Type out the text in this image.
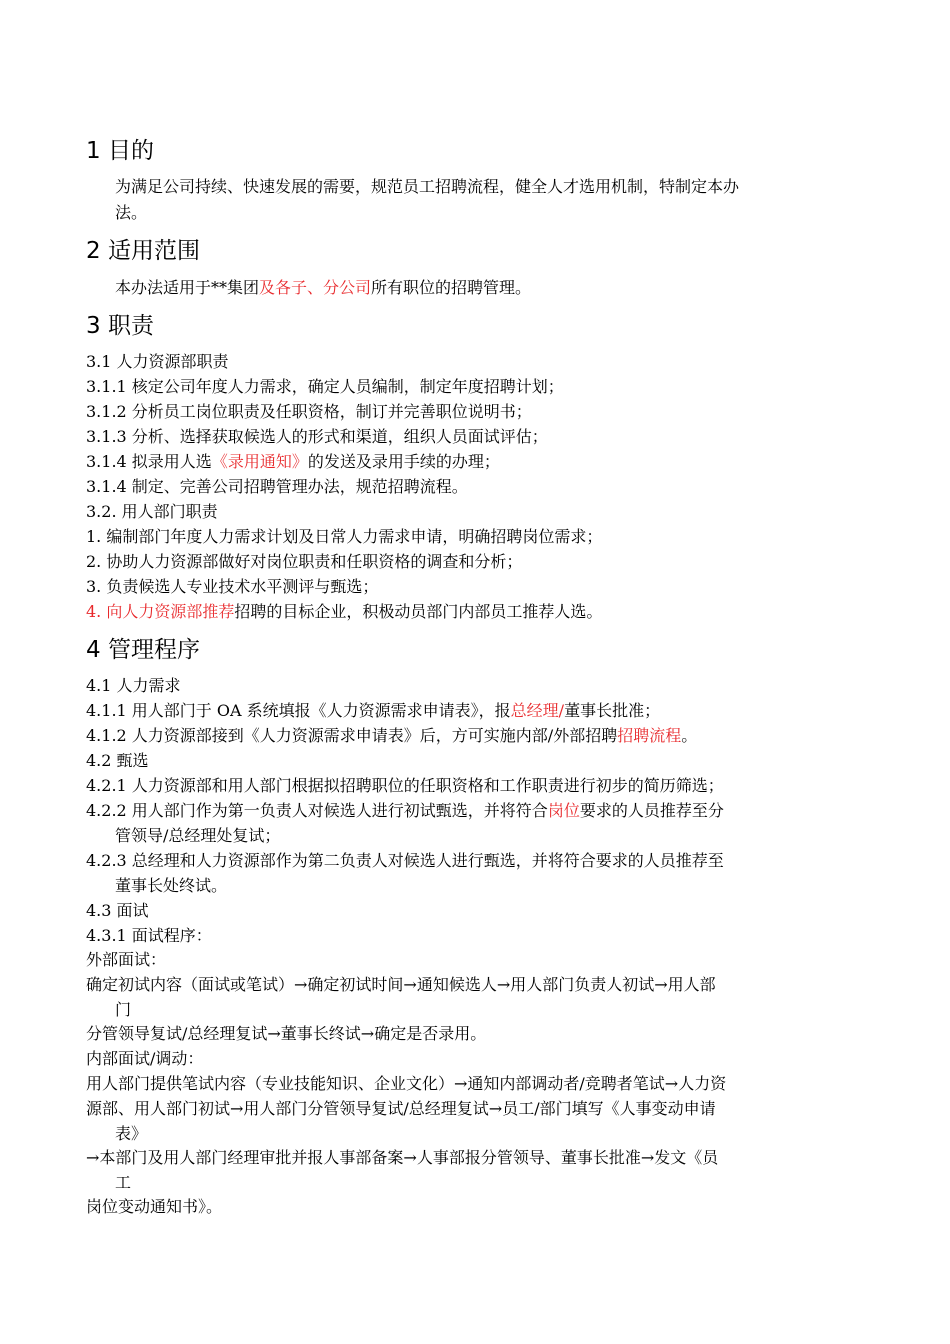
1 目的
为满足公司持续、快速发展的需要，规范员工招聘流程，健全人才选用机制，特制定本办
法。
2 适用范围
本办法适用于**集团及各子、分公司所有职位的招聘管理。
3 职责
3.1 人力资源部职责
3.1.1 核定公司年度人力需求，确定人员编制，制定年度招聘计划；
3.1.2 分析员工岗位职责及任职资格，制订并完善职位说明书；
3.1.3 分析、选择获取候选人的形式和渠道，组织人员面试评估；
3.1.4 拟录用人选《录用通知》的发送及录用手续的办理；
3.1.4 制定、完善公司招聘管理办法，规范招聘流程。
3.2. 用人部门职责
1. 编制部门年度人力需求计划及日常人力需求申请，明确招聘岗位需求；
2. 协助人力资源部做好对岗位职责和任职资格的调查和分析；
3. 负责候选人专业技术水平测评与甄选；
4. 向人力资源部推荐招聘的目标企业，积极动员部门内部员工推荐人选。
4 管理程序
4.1 人力需求
4.1.1 用人部门于 OA 系统填报《人力资源需求申请表》，报总经理/董事长批准；
4.1.2 人力资源部接到《人力资源需求申请表》后，方可实施内部/外部招聘招聘流程。
4.2 甄选
4.2.1 人力资源部和用人部门根据拟招聘职位的任职资格和工作职责进行初步的简历筛选；
4.2.2 用人部门作为第一负责人对候选人进行初试甄选，并将符合岗位要求的人员推荐至分
管领导/总经理处复试；
4.2.3 总经理和人力资源部作为第二负责人对候选人进行甄选，并将符合要求的人员推荐至
董事长处终试。
4.3 面试
4.3.1 面试程序：
外部面试：
确定初试内容（面试或笔试）→确定初试时间→通知候选人→用人部门负责人初试→用人部
门
分管领导复试/总经理复试→董事长终试→确定是否录用。
内部面试/调动：
用人部门提供笔试内容（专业技能知识、企业文化）→通知内部调动者/竞聘者笔试→人力资
源部、用人部门初试→用人部门分管领导复试/总经理复试→员工/部门填写《人事变动申请
表》
→本部门及用人部门经理审批并报人事部备案→人事部报分管领导、董事长批准→发文《员
工
岗位变动通知书》。
